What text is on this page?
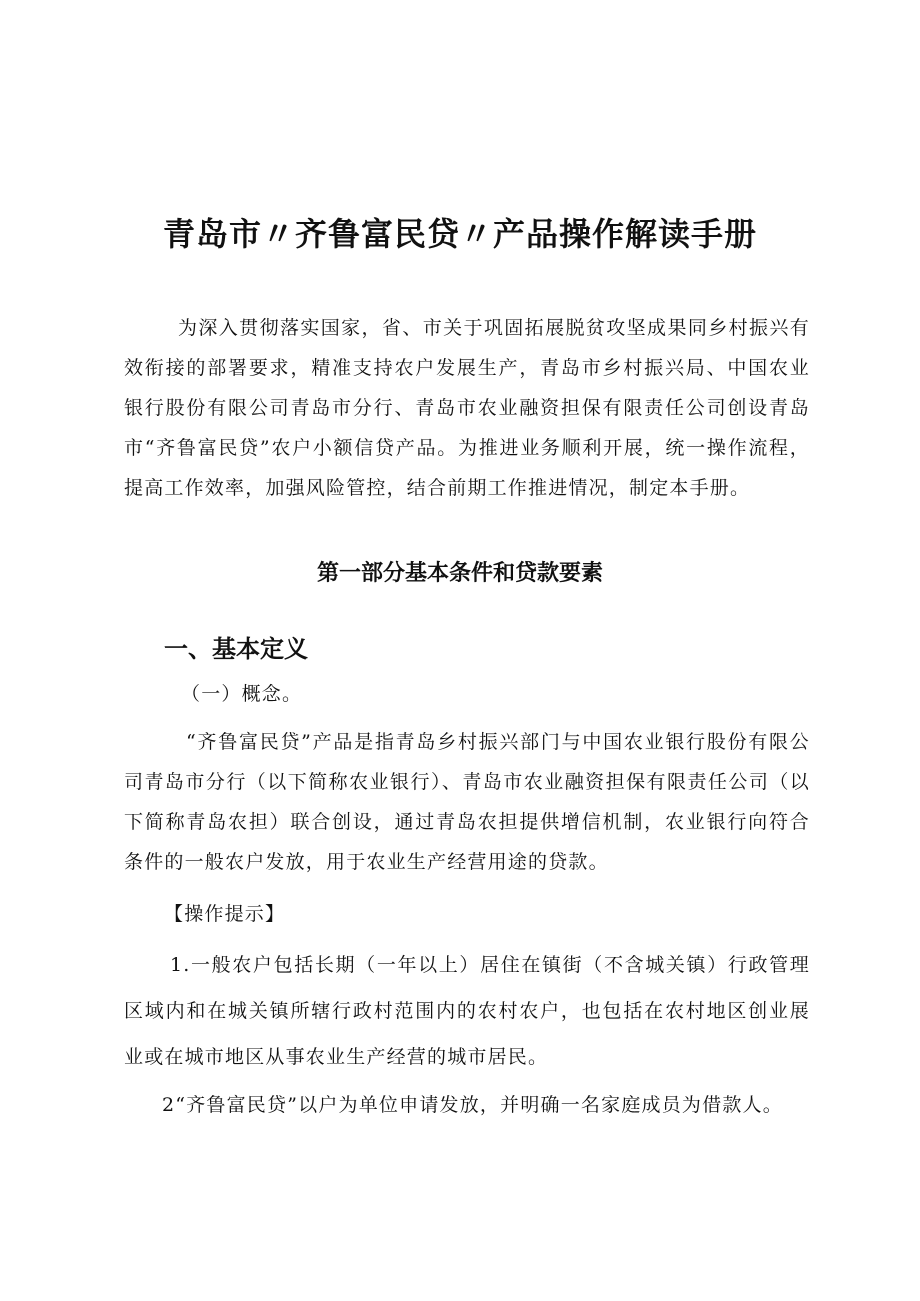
青岛市〃齐鲁富民贷〃产品操作解读手册

为深入贯彻落实国家，省、市关于巩固拓展脱贫攻坚成果同乡村振兴有效衔接的部署要求，精准支持农户发展生产，青岛市乡村振兴局、中国农业银行股份有限公司青岛市分行、青岛市农业融资担保有限责任公司创设青岛市“齐鲁富民贷”农户小额信贷产品。为推进业务顺利开展，统一操作流程，提高工作效率，加强风险管控，结合前期工作推进情况，制定本手册。

第一部分基本条件和贷款要素
一、基本定义

（一）概念。

“齐鲁富民贷”产品是指青岛乡村振兴部门与中国农业银行股份有限公司青岛市分行（以下简称农业银行）、青岛市农业融资担保有限责任公司（以下简称青岛农担）联合创设，通过青岛农担提供增信机制，农业银行向符合条件的一般农户发放，用于农业生产经营用途的贷款。

【操作提示】

1.一般农户包括长期（一年以上）居住在镇街（不含城关镇）行政管理区域内和在城关镇所辖行政村范围内的农村农户，也包括在农村地区创业展业或在城市地区从事农业生产经营的城市居民。

2“齐鲁富民贷”以户为单位申请发放，并明确一名家庭成员为借款人。
